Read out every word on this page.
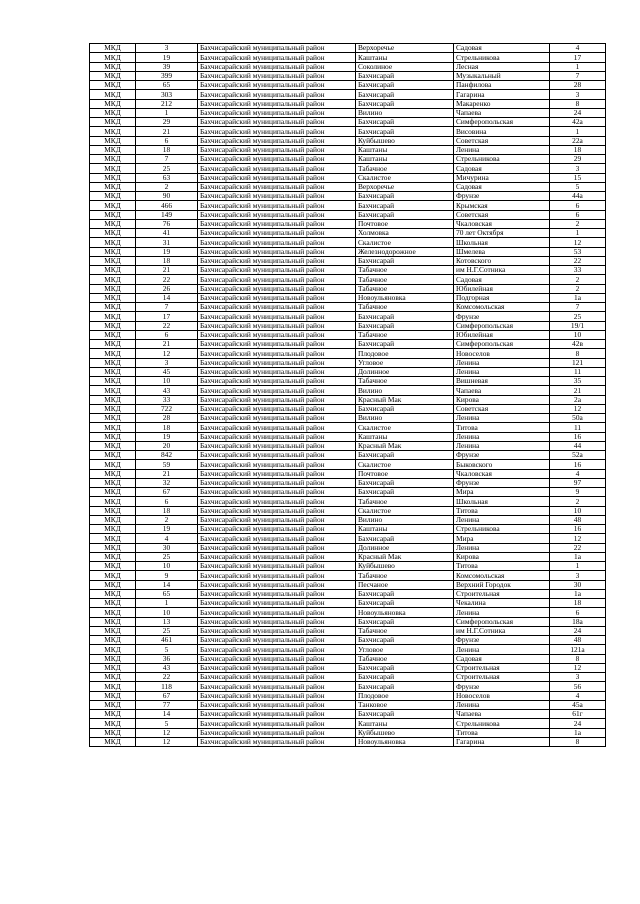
МКД	3	Бахчисарайский муниципальный район	Верхоречье	Садовая	4
МКД	19	Бахчисарайский муниципальный район	Каштаны	Стрельникова	17
МКД	39	Бахчисарайский муниципальный район	Соколиное	Лесная	1
МКД	399	Бахчисарайский муниципальный район	Бахчисарай	Музыкальный	7
МКД	65	Бахчисарайский муниципальный район	Бахчисарай	Панфилова	28
МКД	303	Бахчисарайский муниципальный район	Бахчисарай	Гагарина	3
МКД	212	Бахчисарайский муниципальный район	Бахчисарай	Макаренко	8
МКД	1	Бахчисарайский муниципальный район	Вилино	Чапаева	24
МКД	29	Бахчисарайский муниципальный район	Бахчисарай	Симферопольская	42а
МКД	21	Бахчисарайский муниципальный район	Бахчисарай	Висовина	1
МКД	6	Бахчисарайский муниципальный район	Куйбышево	Советская	22а
МКД	18	Бахчисарайский муниципальный район	Каштаны	Ленина	18
МКД	7	Бахчисарайский муниципальный район	Каштаны	Стрельникова	29
МКД	25	Бахчисарайский муниципальный район	Табачное	Садовая	3
МКД	63	Бахчисарайский муниципальный район	Скалистое	Мичурина	15
МКД	2	Бахчисарайский муниципальный район	Верхоречье	Садовая	5
МКД	90	Бахчисарайский муниципальный район	Бахчисарай	Фрунзе	44а
МКД	466	Бахчисарайский муниципальный район	Бахчисарай	Крымская	6
МКД	149	Бахчисарайский муниципальный район	Бахчисарай	Советская	6
МКД	76	Бахчисарайский муниципальный район	Почтовое	Чкаловская	2
МКД	41	Бахчисарайский муниципальный район	Холмовка	70 лет Октября	1
МКД	31	Бахчисарайский муниципальный район	Скалистое	Школьная	12
МКД	19	Бахчисарайский муниципальный район	Железнодорожное	Шмелева	53
МКД	18	Бахчисарайский муниципальный район	Бахчисарай	Котовского	22
МКД	21	Бахчисарайский муниципальный район	Табачное	им Н.Г.Сотника	33
МКД	22	Бахчисарайский муниципальный район	Табачное	Садовая	2
МКД	26	Бахчисарайский муниципальный район	Табачное	Юбилейная	2
МКД	14	Бахчисарайский муниципальный район	Новоульяновка	Подгорная	1а
МКД	7	Бахчисарайский муниципальный район	Табачное	Комсомольская	7
МКД	17	Бахчисарайский муниципальный район	Бахчисарай	Фрунзе	25
МКД	22	Бахчисарайский муниципальный район	Бахчисарай	Симферопольская	19/1
МКД	6	Бахчисарайский муниципальный район	Табачное	Юбилейная	10
МКД	21	Бахчисарайский муниципальный район	Бахчисарай	Симферопольская	42в
МКД	12	Бахчисарайский муниципальный район	Плодовое	Новоселов	8
МКД	3	Бахчисарайский муниципальный район	Угловое	Ленина	121
МКД	45	Бахчисарайский муниципальный район	Долинное	Ленина	11
МКД	10	Бахчисарайский муниципальный район	Табачное	Вишневая	35
МКД	43	Бахчисарайский муниципальный район	Вилино	Чапаева	21
МКД	33	Бахчисарайский муниципальный район	Красный Мак	Кирова	2а
МКД	722	Бахчисарайский муниципальный район	Бахчисарай	Советская	12
МКД	28	Бахчисарайский муниципальный район	Вилино	Ленина	50а
МКД	18	Бахчисарайский муниципальный район	Скалистое	Титова	11
МКД	19	Бахчисарайский муниципальный район	Каштаны	Ленина	16
МКД	20	Бахчисарайский муниципальный район	Красный Мак	Ленина	44
МКД	842	Бахчисарайский муниципальный район	Бахчисарай	Фрунзе	52а
МКД	59	Бахчисарайский муниципальный район	Скалистое	Быковского	16
МКД	21	Бахчисарайский муниципальный район	Почтовое	Чкаловская	4
МКД	32	Бахчисарайский муниципальный район	Бахчисарай	Фрунзе	97
МКД	67	Бахчисарайский муниципальный район	Бахчисарай	Мира	9
МКД	6	Бахчисарайский муниципальный район	Табачное	Школьная	2
МКД	18	Бахчисарайский муниципальный район	Скалистое	Титова	10
МКД	2	Бахчисарайский муниципальный район	Вилино	Ленина	48
МКД	19	Бахчисарайский муниципальный район	Каштаны	Стрельникова	16
МКД	4	Бахчисарайский муниципальный район	Бахчисарай	Мира	12
МКД	30	Бахчисарайский муниципальный район	Долинное	Ленина	22
МКД	25	Бахчисарайский муниципальный район	Красный Мак	Кирова	1а
МКД	10	Бахчисарайский муниципальный район	Куйбышево	Титова	1
МКД	9	Бахчисарайский муниципальный район	Табачное	Комсомольская	3
МКД	14	Бахчисарайский муниципальный район	Песчаное	Верхний Городок	30
МКД	65	Бахчисарайский муниципальный район	Бахчисарай	Строительная	1а
МКД	1	Бахчисарайский муниципальный район	Бахчисарай	Чекалина	18
МКД	10	Бахчисарайский муниципальный район	Новоульяновка	Ленина	6
МКД	13	Бахчисарайский муниципальный район	Бахчисарай	Симферопольская	18а
МКД	25	Бахчисарайский муниципальный район	Табачное	им Н.Г.Сотника	24
МКД	461	Бахчисарайский муниципальный район	Бахчисарай	Фрунзе	48
МКД	5	Бахчисарайский муниципальный район	Угловое	Ленина	121а
МКД	36	Бахчисарайский муниципальный район	Табачное	Садовая	8
МКД	43	Бахчисарайский муниципальный район	Бахчисарай	Строительная	12
МКД	22	Бахчисарайский муниципальный район	Бахчисарай	Строительная	3
МКД	118	Бахчисарайский муниципальный район	Бахчисарай	Фрунзе	56
МКД	67	Бахчисарайский муниципальный район	Плодовое	Новоселов	4
МКД	77	Бахчисарайский муниципальный район	Танковое	Ленина	45а
МКД	14	Бахчисарайский муниципальный район	Бахчисарай	Чапаева	61г
МКД	5	Бахчисарайский муниципальный район	Каштаны	Стрельникова	24
МКД	12	Бахчисарайский муниципальный район	Куйбышево	Титова	1а
МКД	12	Бахчисарайский муниципальный район	Новоульяновка	Гагарина	8
